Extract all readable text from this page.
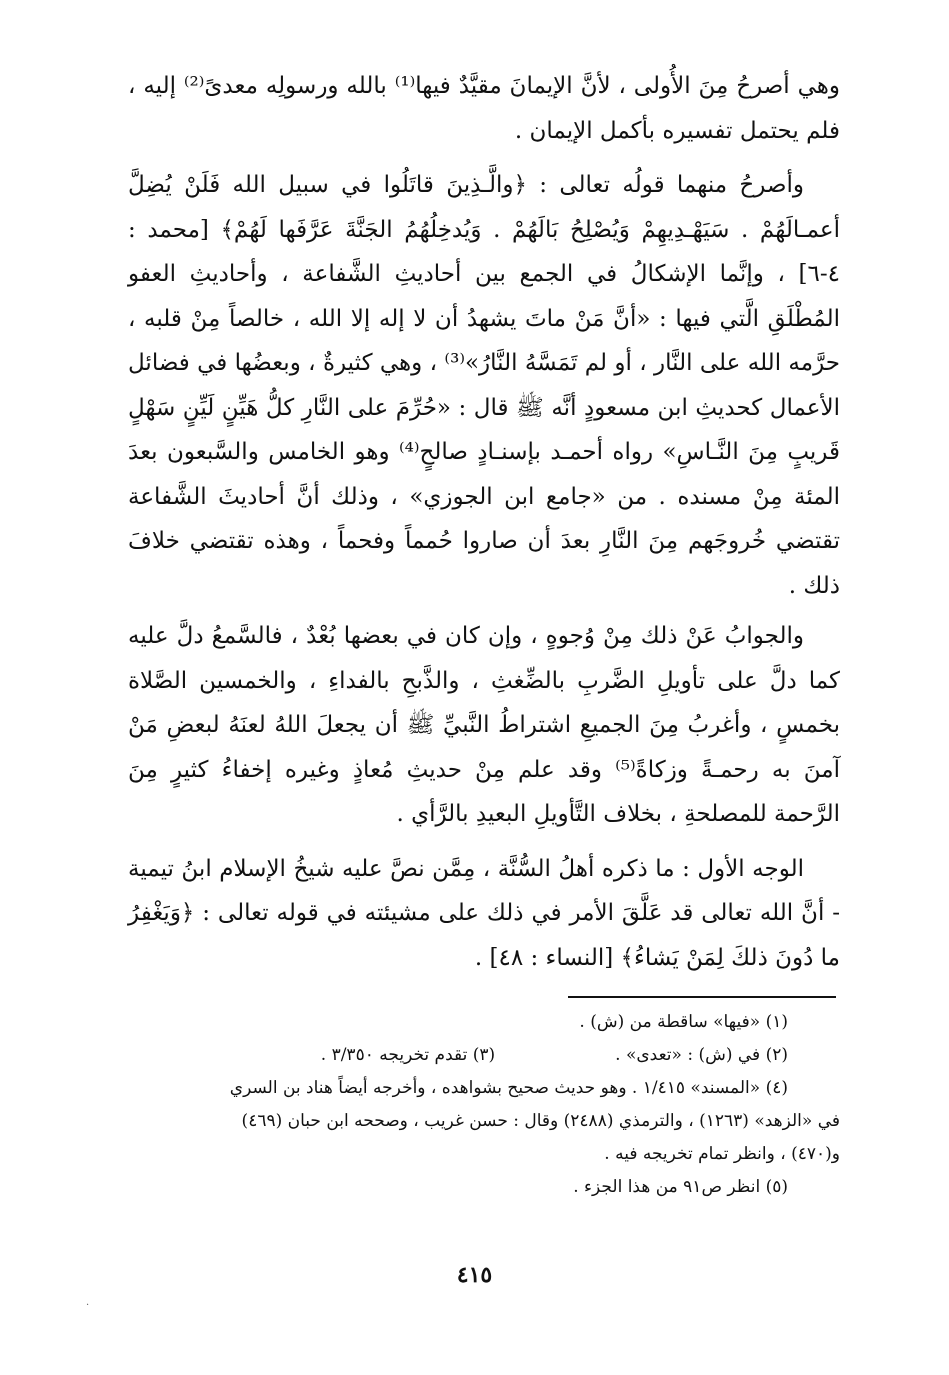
وهي أصرحُ مِنَ الأُولى ، لأنَّ الإيمانَ مقيَّدٌ فيها⁽¹⁾ بالله ورسولِه معدىً⁽²⁾ إليه ، فلم يحتمل تفسيره بأكمل الإيمان .

وأصرحُ منهما قولُه تعالى : ﴿والَّـذِينَ قاتَلُوا في سبيل الله فَلَنْ يُضِلَّ أعمـالَهُمْ . سَيَهْـدِيهِمْ وَيُصْلِحُ بَالَهُمْ . وَيُدخِلُهُمُ الجَنَّةَ عَرَّفَها لَهُمْ﴾ [محمد : ٤-٦] ، وإنَّما الإشكالُ في الجمع بين أحاديثِ الشَّفاعة ، وأحاديثِ العفو المُطْلَقِ الَّتي فيها : «أنَّ مَنْ ماتَ يشهدُ أن لا إله إلا الله ، خالصاً مِنْ قلبه ، حرَّمه الله على النَّار ، أو لم تَمَسَّهُ النَّارُ»⁽³⁾ ، وهي كثيرةٌ ، وبعضُها في فضائل الأعمال كحديثِ ابن مسعودٍ أنَّه ﷺ قال : «حُرِّمَ على النَّارِ كلُّ هَيِّنٍ لَيِّنٍ سَهْلٍ قَريبٍ مِنَ النَّـاسِ» رواه أحمـد بإسنـادٍ صالحٍ⁽⁴⁾ وهو الخامس والسَّبعون بعدَ المئة مِنْ مسنده . من «جامع ابن الجوزي» ، وذلك أنَّ أحاديثَ الشَّفاعة تقتضي خُروجَهم مِنَ النَّارِ بعدَ أن صاروا حُمماً وفحماً ، وهذه تقتضي خلافَ ذلك .

والجوابُ عَنْ ذلك مِنْ وُجوهٍ ، وإن كان في بعضها بُعْدٌ ، فالسَّمعُ دلَّ عليه كما دلَّ على تأويلِ الضَّربِ بالضِّغثِ ، والذَّبحِ بالفداءِ ، والخمسين الصَّلاة بخمسٍ ، وأغربُ مِنَ الجميعِ اشتراطُ النَّبيِّ ﷺ أن يجعلَ اللهُ لعنَهُ لبعضِ مَنْ آمنَ به رحمـةً وزكاةً⁽⁵⁾ وقد علم مِنْ حديثِ مُعاذٍ وغيره إخفاءُ كثيرٍ مِنَ الرَّحمة للمصلحةِ ، بخلاف التَّأويلِ البعيدِ بالرَّأي .

الوجه الأول : ما ذكره أهلُ السُّنَّة ، مِمَّن نصَّ عليه شيخُ الإسلام ابنُ تيمية - أنَّ الله تعالى قد عَلَّقَ الأمر في ذلك على مشيئته في قوله تعالى : ﴿وَيَغْفِرُ ما دُونَ ذلكَ لِمَنْ يَشاءُ﴾ [النساء : ٤٨] .

(١) «فيها» ساقطة من (ش) .

(٢) في (ش) : «تعدى» .
(٣) تقدم تخريجه ٣/٣٥٠ .

(٤) «المسند» ١/٤١٥ . وهو حديث صحيح بشواهده ، وأخرجه أيضاً هناد بن السري

في «الزهد» (١٢٦٣) ، والترمذي (٢٤٨٨) وقال : حسن غريب ، وصححه ابن حبان (٤٦٩)

و(٤٧٠) ، وانظر تمام تخريجه فيه .

(٥) انظر ص٩١ من هذا الجزء .

٤١٥
·
